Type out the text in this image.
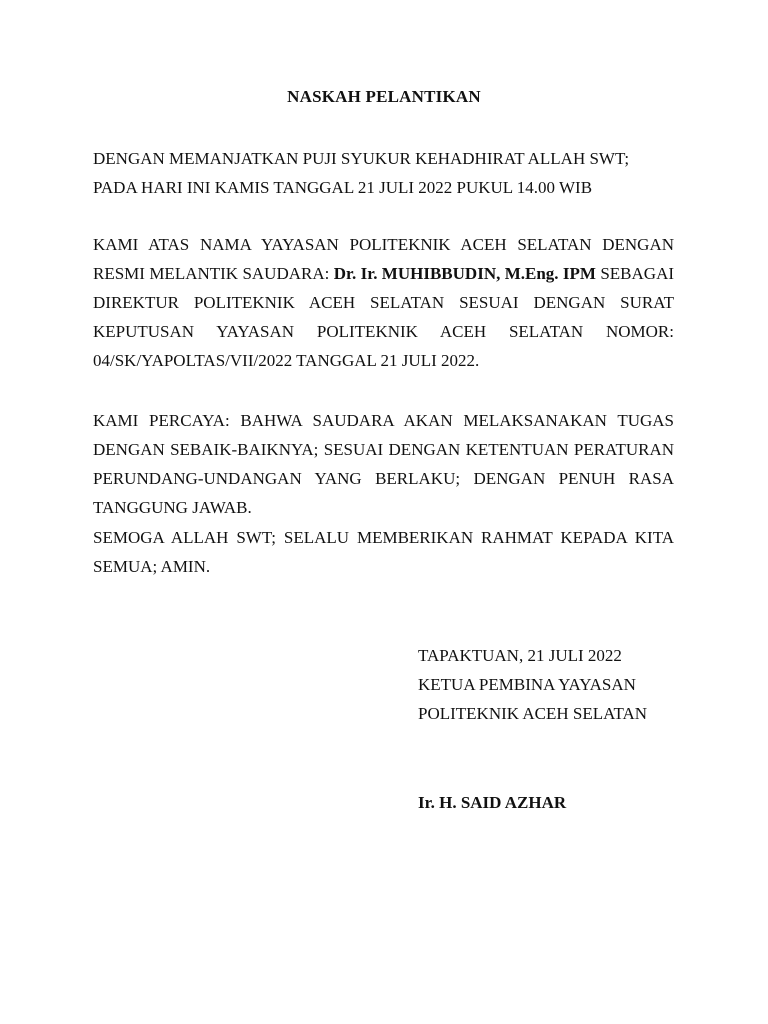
NASKAH PELANTIKAN
DENGAN MEMANJATKAN PUJI SYUKUR KEHADHIRAT ALLAH SWT;
PADA HARI INI KAMIS TANGGAL 21 JULI 2022 PUKUL 14.00 WIB
KAMI ATAS NAMA YAYASAN POLITEKNIK ACEH SELATAN DENGAN RESMI MELANTIK SAUDARA: Dr. Ir. MUHIBBUDIN, M.Eng. IPM SEBAGAI DIREKTUR POLITEKNIK ACEH SELATAN SESUAI DENGAN SURAT KEPUTUSAN YAYASAN POLITEKNIK ACEH SELATAN NOMOR: 04/SK/YAPOLTAS/VII/2022 TANGGAL 21 JULI 2022.
KAMI PERCAYA: BAHWA SAUDARA AKAN MELAKSANAKAN TUGAS DENGAN SEBAIK-BAIKNYA; SESUAI DENGAN KETENTUAN PERATURAN PERUNDANG-UNDANGAN YANG BERLAKU; DENGAN PENUH RASA TANGGUNG JAWAB.
SEMOGA ALLAH SWT; SELALU MEMBERIKAN RAHMAT KEPADA KITA SEMUA; AMIN.
TAPAKTUAN, 21 JULI 2022
KETUA PEMBINA YAYASAN
POLITEKNIK ACEH SELATAN
Ir. H. SAID AZHAR
